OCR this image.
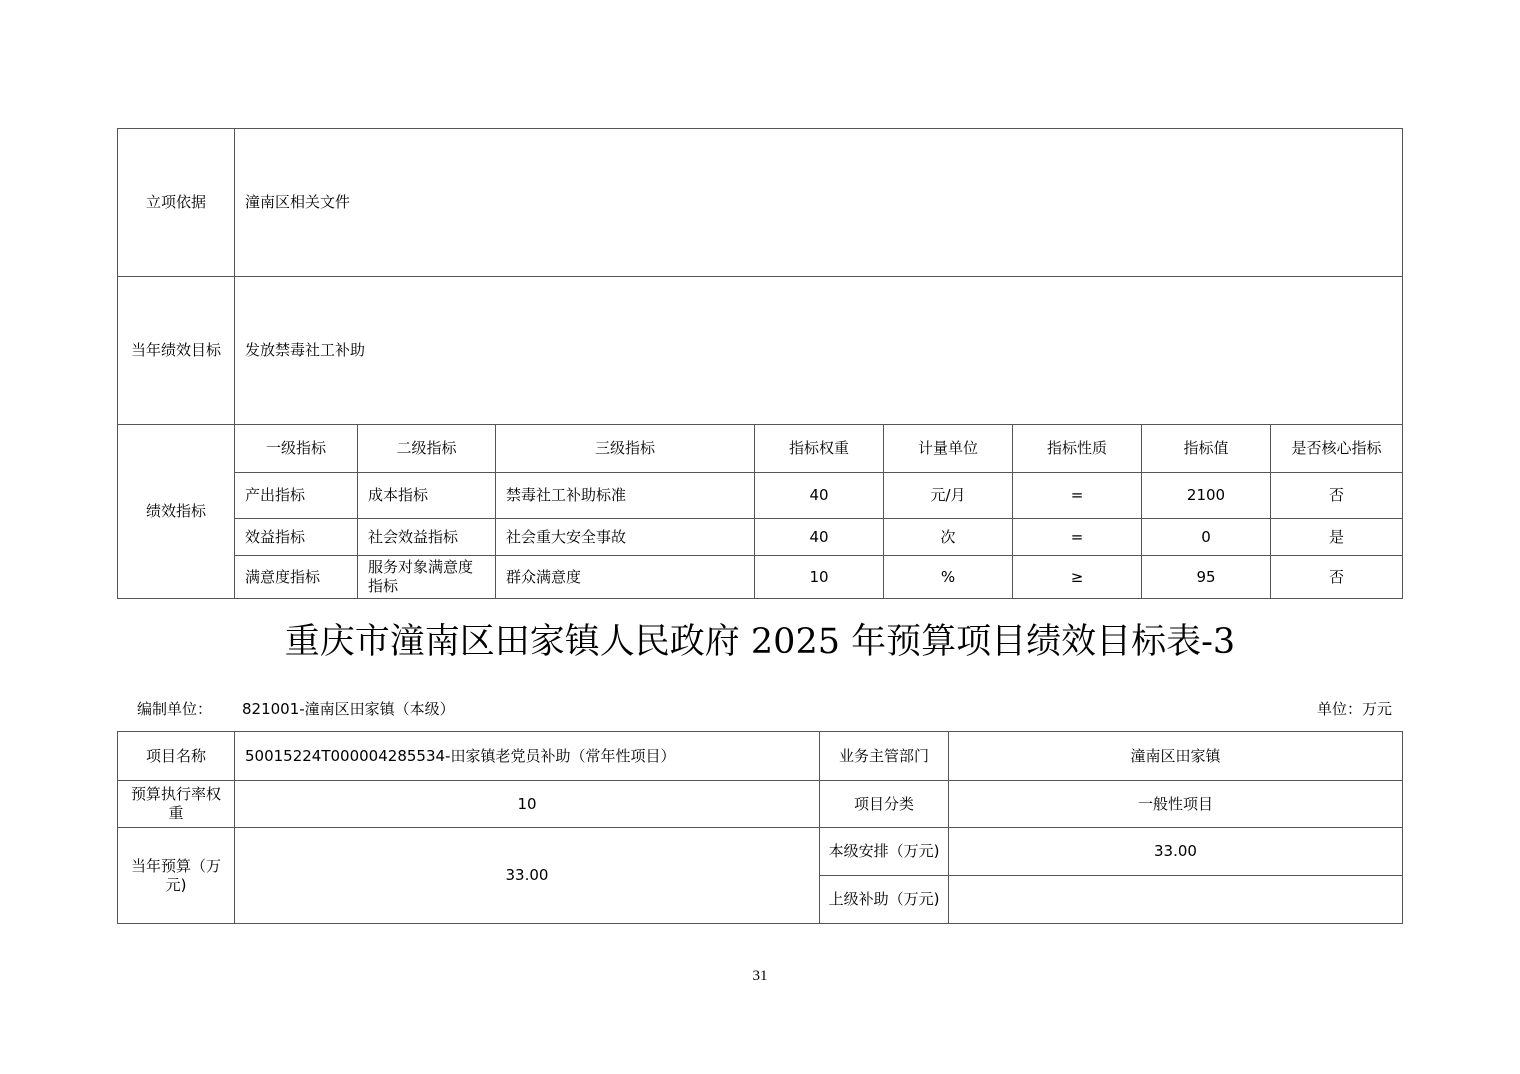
立项依据	潼南区相关文件							
当年绩效目标	发放禁毒社工补助							
绩效指标	一级指标	二级指标	三级指标	指标权重	计量单位	指标性质	指标值	是否核心指标
	产出指标	成本指标	禁毒社工补助标准	40	元/月	=	2100	否
	效益指标	社会效益指标	社会重大安全事故	40	次	=	0	是
	满意度指标	服务对象满意度指标	群众满意度	10	%	≥	95	否
重庆市潼南区田家镇人民政府 2025 年预算项目绩效目标表-3
编制单位： 821001-潼南区田家镇（本级）	单位：万元
项目名称	50015224T000004285534-田家镇老党员补助（常年性项目）	业务主管部门	潼南区田家镇
预算执行率权重	10	项目分类	一般性项目
当年预算（万元)	33.00	本级安排（万元)	33.00
		上级补助（万元)	
31
